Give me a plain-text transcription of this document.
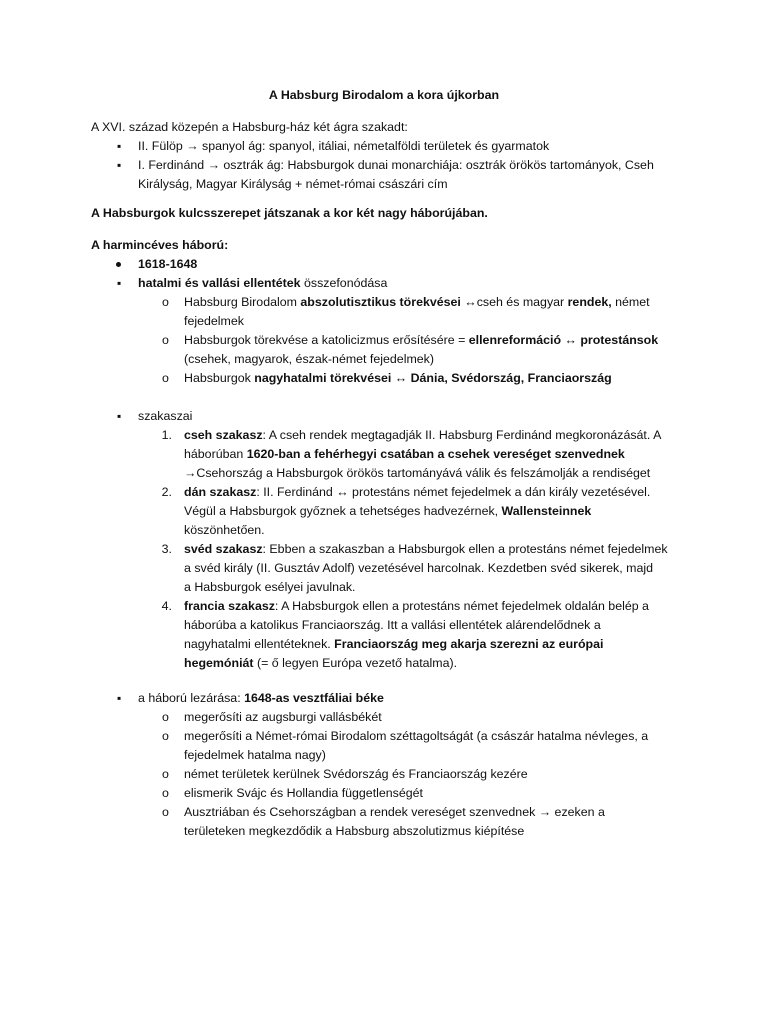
A Habsburg Birodalom a kora újkorban
A XVI. század közepén a Habsburg-ház két ágra szakadt:
▪ II. Fülöp → spanyol ág: spanyol, itáliai, németalföldi területek és gyarmatok
▪ I. Ferdinánd → osztrák ág: Habsburgok dunai monarchiája: osztrák örökös tartományok, Cseh
Királyság, Magyar Királyság + német-római császári cím
A Habsburgok kulcsszerepet játszanak a kor két nagy háborújában.
A harmincéves háború:
1618-1648
▪ hatalmi és vallási ellentétek összefonódása
o Habsburg Birodalom abszolutisztikus törekvései ↔cseh és magyar rendek, német
fejedelmek
o Habsburgok törekvése a katolicizmus erősítésére = ellenreformáció ↔ protestánsok
(csehek, magyarok, észak-német fejedelmek)
o Habsburgok nagyhatalmi törekvései ↔ Dánia, Svédország, Franciaország
▪ szakaszai
1. cseh szakasz: A cseh rendek megtagadják II. Habsburg Ferdinánd megkoronázását. A
háborúban 1620-ban a fehérhegyi csatában a csehek vereséget szenvednek
→Csehország a Habsburgok örökös tartományává válik és felszámolják a rendiséget
2. dán szakasz: II. Ferdinánd ↔ protestáns német fejedelmek a dán király vezetésével.
Végül a Habsburgok győznek a tehetséges hadvezérnek, Wallensteinnek
köszönhetően.
3. svéd szakasz: Ebben a szakaszban a Habsburgok ellen a protestáns német fejedelmek
a svéd király (II. Gusztáv Adolf) vezetésével harcolnak. Kezdetben svéd sikerek, majd
a Habsburgok esélyei javulnak.
4. francia szakasz: A Habsburgok ellen a protestáns német fejedelmek oldalán belép a
háborúba a katolikus Franciaország. Itt a vallási ellentétek alárendelődnek a
nagyhatalmi ellentéteknek. Franciaország meg akarja szerezni az európai
hegemóniát (= ő legyen Európa vezető hatalma).
▪ a háború lezárása: 1648-as vesztfáliai béke
o megerősíti az augsburgi vallásbékét
o megerősíti a Német-római Birodalom széttagoltságát (a császár hatalma névleges, a
fejedelmek hatalma nagy)
o német területek kerülnek Svédország és Franciaország kezére
o elismerik Svájc és Hollandia függetlenségét
o Ausztriában és Csehországban a rendek vereséget szenvednek → ezeken a
területeken megkezdődik a Habsburg abszolutizmus kiépítése
